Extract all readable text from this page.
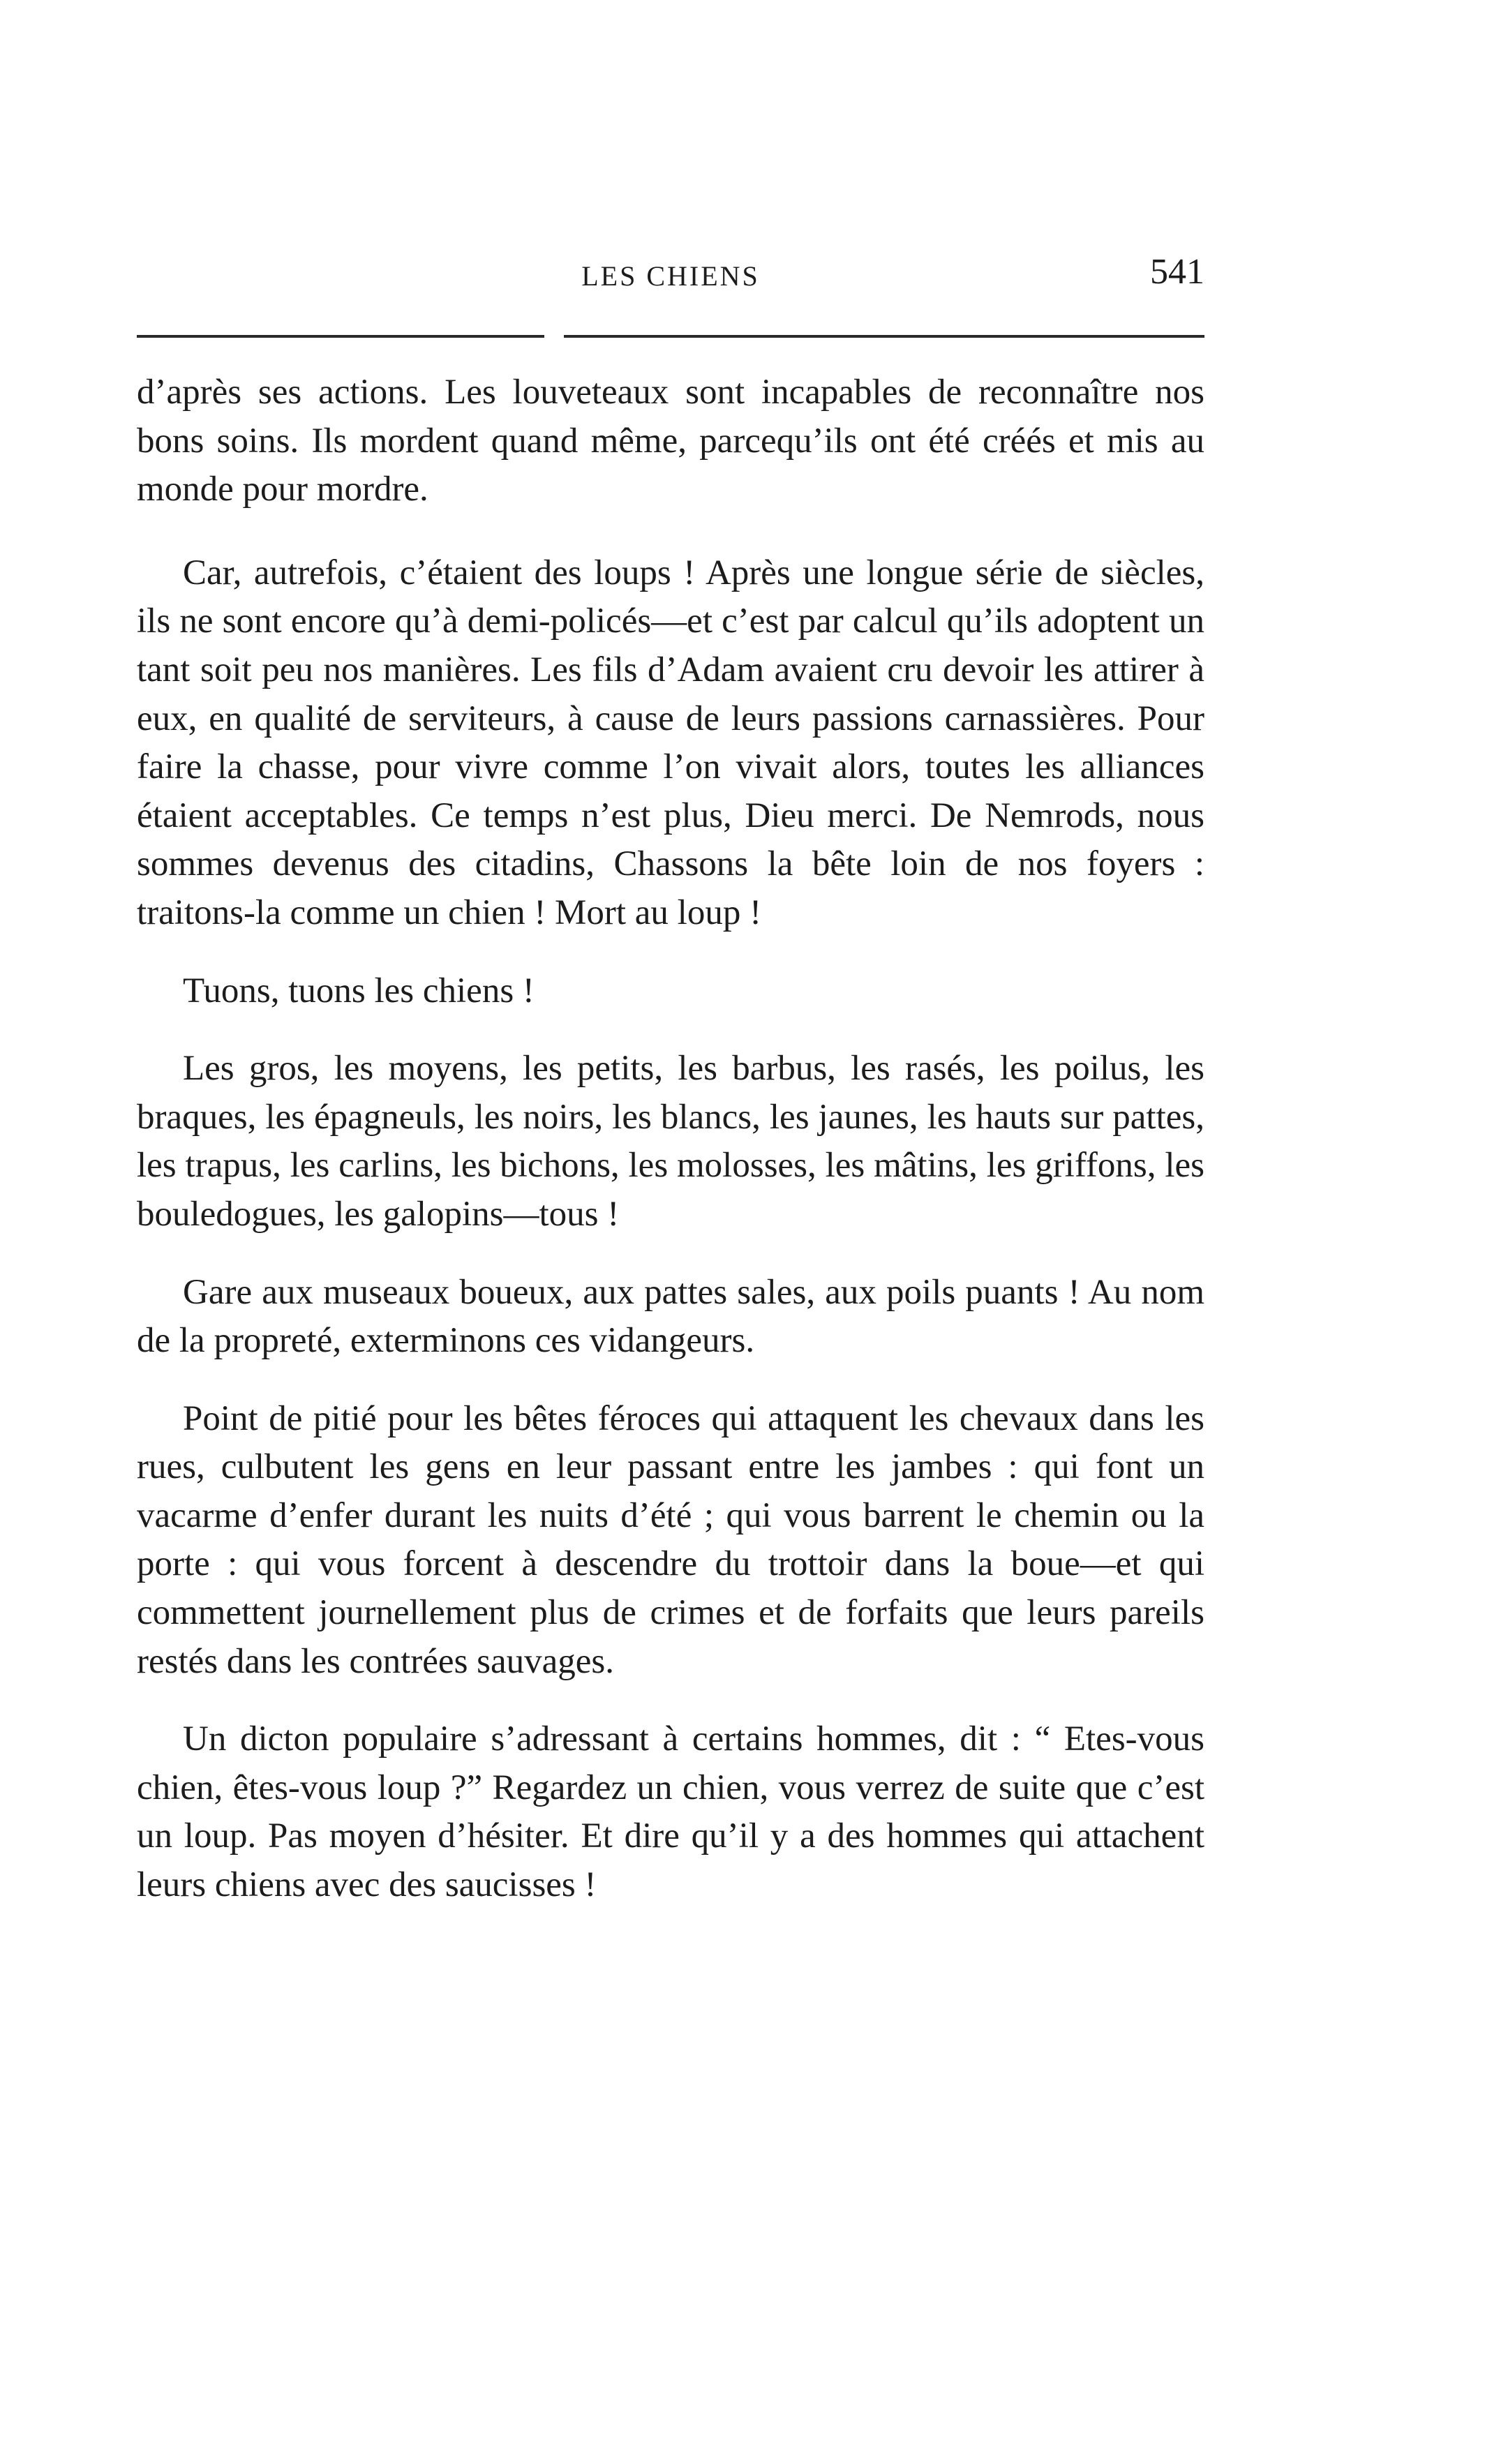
LES CHIENS	541

d’après ses actions. Les louveteaux sont incapables de reconnaître nos bons soins. Ils mordent quand même, parcequ’ils ont été créés et mis au monde pour mordre.

Car, autrefois, c’étaient des loups ! Après une longue série de siècles, ils ne sont encore qu’à demi-policés—et c’est par calcul qu’ils adoptent un tant soit peu nos manières. Les fils d’Adam avaient cru devoir les attirer à eux, en qualité de serviteurs, à cause de leurs passions carnassières. Pour faire la chasse, pour vivre comme l’on vivait alors, toutes les alliances étaient acceptables. Ce temps n’est plus, Dieu merci. De Nemrods, nous sommes devenus des citadins, Chassons la bête loin de nos foyers : traitons-la comme un chien ! Mort au loup !

Tuons, tuons les chiens !

Les gros, les moyens, les petits, les barbus, les rasés, les poilus, les braques, les épagneuls, les noirs, les blancs, les jaunes, les hauts sur pattes, les trapus, les carlins, les bichons, les molosses, les mâtins, les griffons, les bouledogues, les galopins—tous !

Gare aux museaux boueux, aux pattes sales, aux poils puants ! Au nom de la propreté, exterminons ces vidangeurs.

Point de pitié pour les bêtes féroces qui attaquent les chevaux dans les rues, culbutent les gens en leur passant entre les jambes : qui font un vacarme d’enfer durant les nuits d’été ; qui vous barrent le chemin ou la porte : qui vous forcent à descendre du trottoir dans la boue—et qui commettent journellement plus de crimes et de forfaits que leurs pareils restés dans les contrées sauvages.

Un dicton populaire s’adressant à certains hommes, dit : “ Etes-vous chien, êtes-vous loup ?” Regardez un chien, vous verrez de suite que c’est un loup. Pas moyen d’hésiter. Et dire qu’il y a des hommes qui attachent leurs chiens avec des saucisses !
